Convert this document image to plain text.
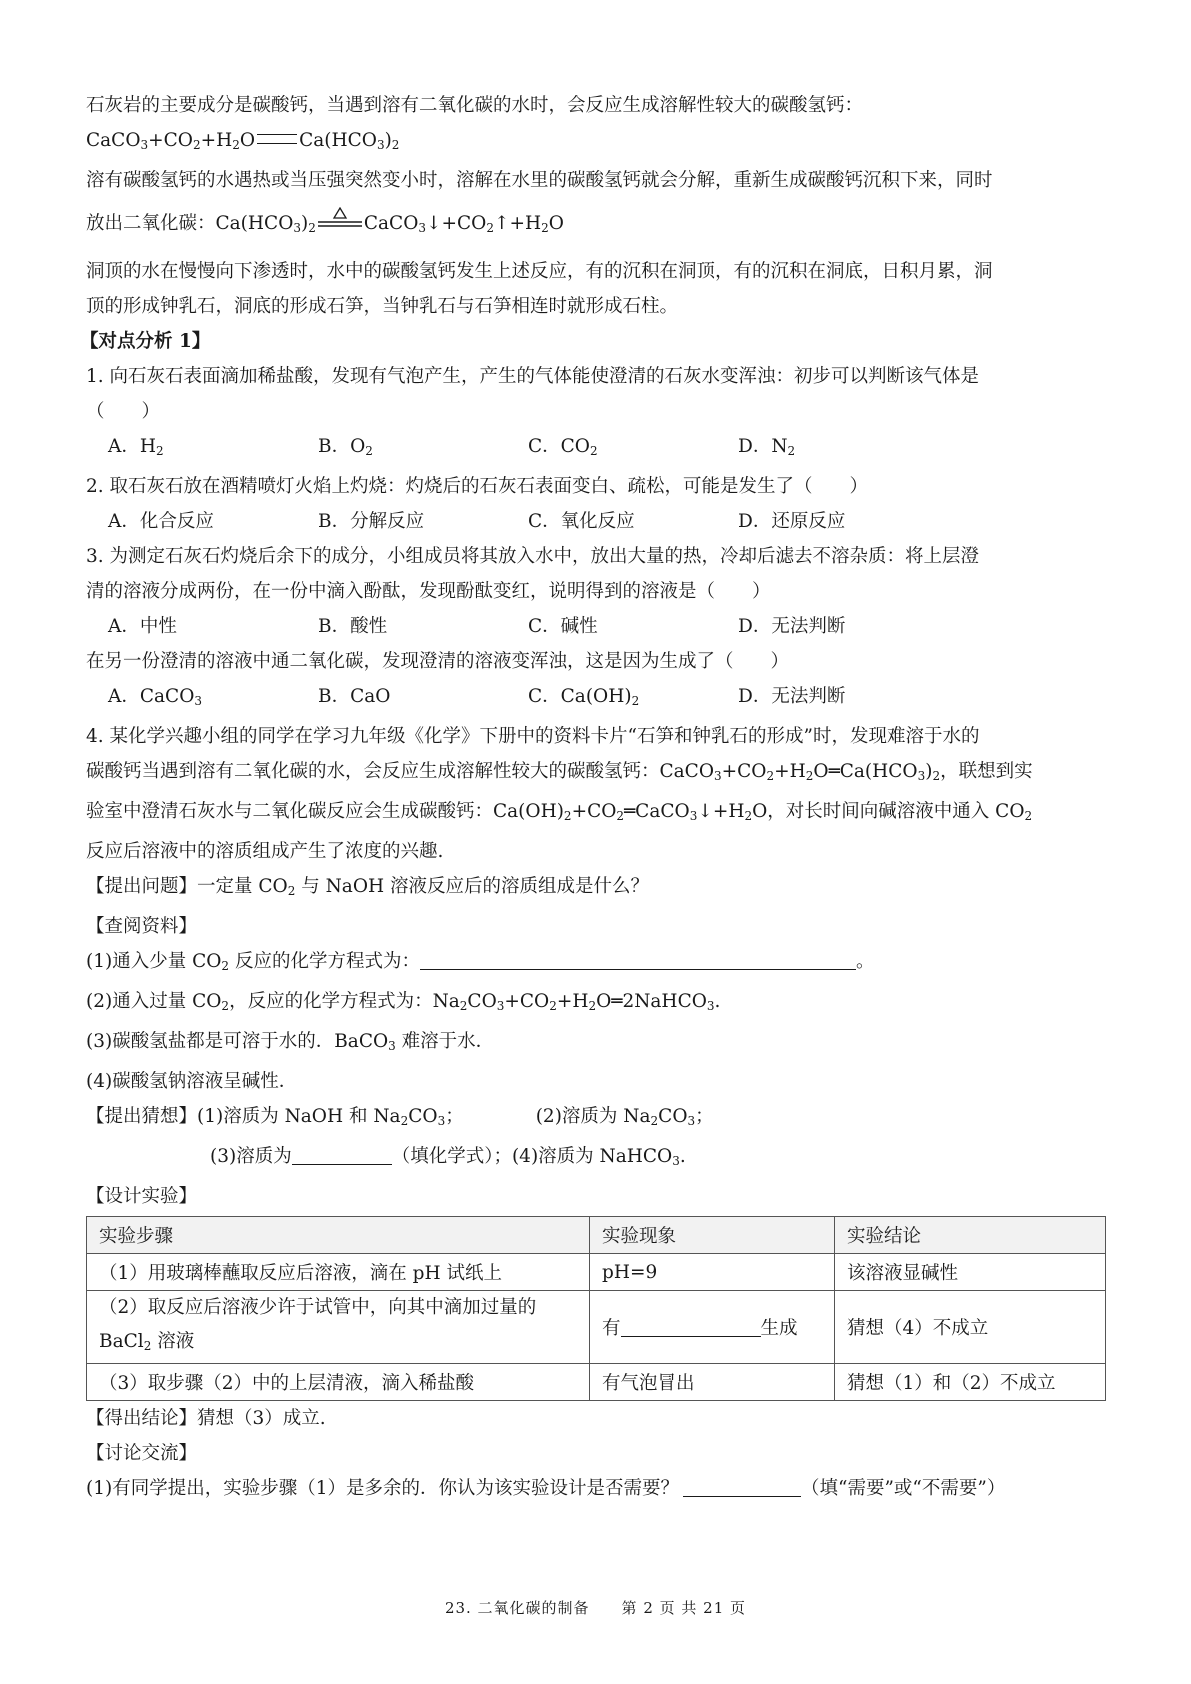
石灰岩的主要成分是碳酸钙，当遇到溶有二氧化碳的水时，会反应生成溶解性较大的碳酸氢钙：

$CaCO_3+CO_2+H_2O$ $Ca(HCO_3)_2$

溶有碳酸氢钙的水遇热或当压强突然变小时，溶解在水里的碳酸氢钙就会分解，重新生成碳酸钙沉积下来，同时

放出二氧化碳：$Ca(HCO_3)_2$	$CaCO_3↓+CO_2↑+H_2O$

洞顶的水在慢慢向下渗透时，水中的碳酸氢钙发生上述反应，有的沉积在洞顶，有的沉积在洞底，日积月累，洞

顶的形成钟乳石，洞底的形成石笋，当钟乳石与石笋相连时就形成石柱。

【对点分析 1】

1. 向石灰石表面滴加稀盐酸，发现有气泡产生，产生的气体能使澄清的石灰水变浑浊：初步可以判断该气体是

（　　）

A．$H_2$	B．$O_2$	C．$CO_2$	D．$N_2$

2. 取石灰石放在酒精喷灯火焰上灼烧：灼烧后的石灰石表面变白、疏松，可能是发生了（　　）

A．化合反应	B．分解反应	C．氧化反应	D．还原反应

3. 为测定石灰石灼烧后余下的成分，小组成员将其放入水中，放出大量的热，冷却后滤去不溶杂质：将上层澄

清的溶液分成两份，在一份中滴入酚酞，发现酚酞变红，说明得到的溶液是（　　）

A．中性	B．酸性	C．碱性	D．无法判断

在另一份澄清的溶液中通二氧化碳，发现澄清的溶液变浑浊，这是因为生成了（　　）

A．CaCO$_3$	B．CaO	C．$Ca(OH)_2$	D．无法判断

4. 某化学兴趣小组的同学在学习九年级《化学》下册中的资料卡片“石笋和钟乳石的形成”时，发现难溶于水的

碳酸钙当遇到溶有二氧化碳的水，会反应生成溶解性较大的碳酸氢钙：$CaCO_3+CO_2+H_2O═Ca(HCO_3)_2$，联想到实

验室中澄清石灰水与二氧化碳反应会生成碳酸钙：$Ca(OH)_2+CO_2═CaCO_3↓+H_2O$，对长时间向碱溶液中通入 $CO_2$

反应后溶液中的溶质组成产生了浓度的兴趣.

【提出问题】一定量 $CO_2$ 与 NaOH 溶液反应后的溶质组成是什么？

【查阅资料】

(1)通入少量 $CO_2$ 反应的化学方程式为：	。

(2)通入过量 $CO_2$，反应的化学方程式为：$Na_2CO_3+CO_2+H_2O═2NaHCO_3$.

(3)碳酸氢盐都是可溶于水的．BaCO$_3$ 难溶于水．

(4)碳酸氢钠溶液呈碱性．

【提出猜想】(1)溶质为 NaOH 和 $Na_2CO_3$；	(2)溶质为 $Na_2CO_3$；

(3)溶质为	（填化学式）；(4)溶质为 NaHCO$_3$.

【设计实验】

实验步骤	实验现象	实验结论
（1）用玻璃棒蘸取反应后溶液，滴在 pH 试纸上	pH=9	该溶液显碱性
（2）取反应后溶液少许于试管中，向其中滴加过量的
BaCl$_2$ 溶液	有 生成	猜想（4）不成立
（3）取步骤（2）中的上层清液，滴入稀盐酸	有气泡冒出	猜想（1）和（2）不成立

【得出结论】猜想（3）成立.

【讨论交流】

(1)有同学提出，实验步骤（1）是多余的．你认为该实验设计是否需要？	（填“需要”或“不需要”）

23. 二氧化碳的制备　　第 2 页 共 21 页
